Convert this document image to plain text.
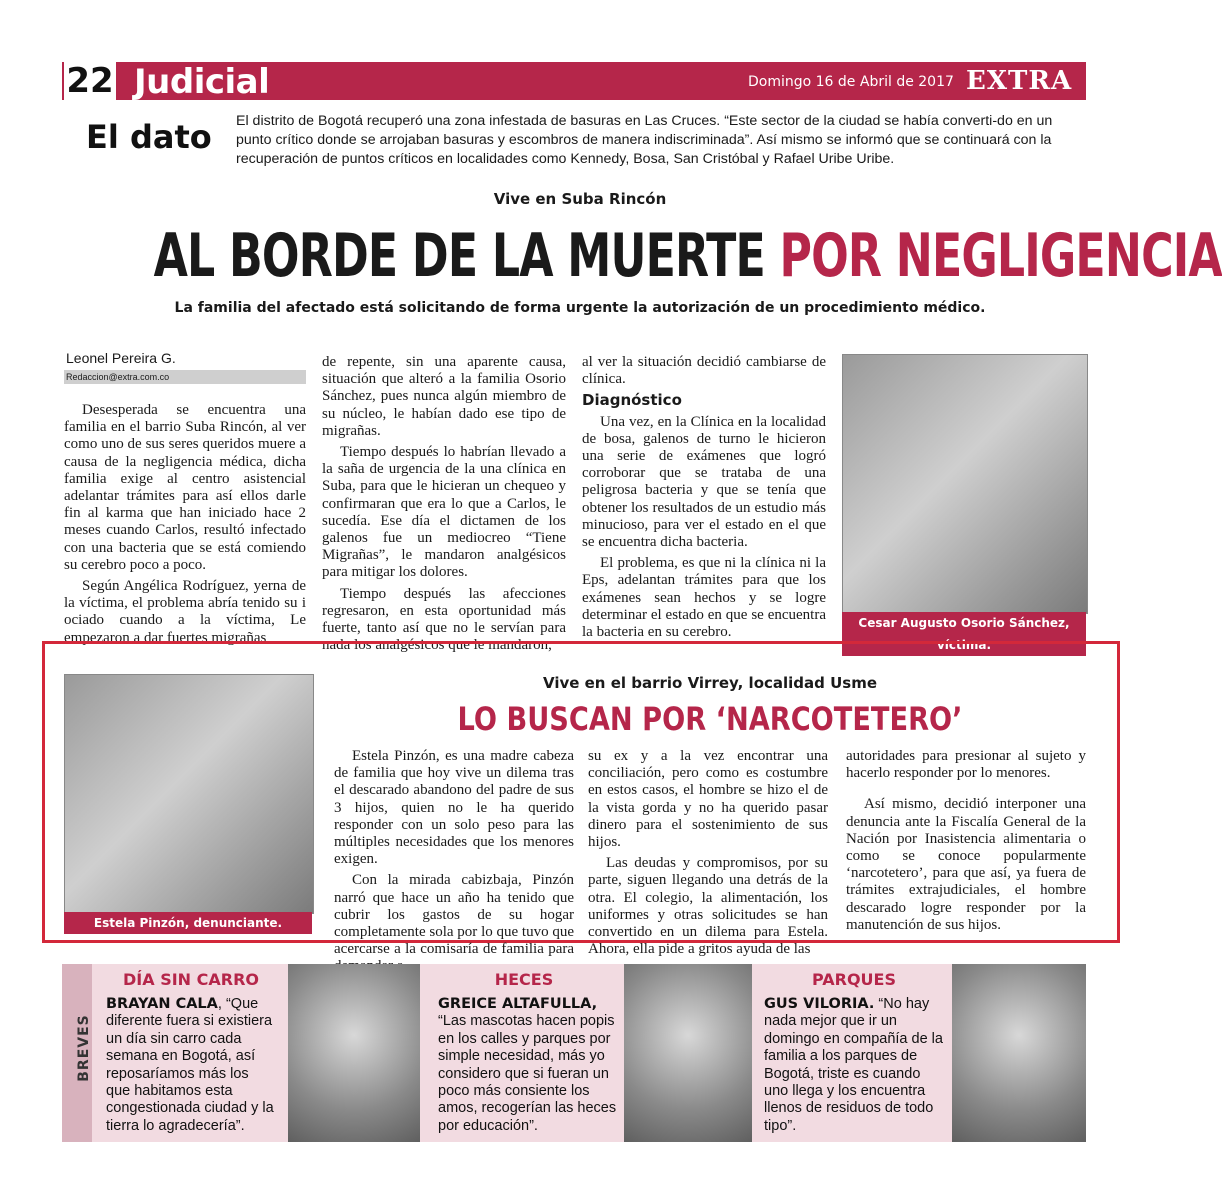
22 Judicial	Domingo 16 de Abril de 2017 EXTRA
El dato El distrito de Bogotá recuperó una zona infestada de basuras en Las Cruces. “Este sector de la ciudad se había converti-do en un punto crítico donde se arrojaban basuras y escombros de manera indiscriminada”. Así mismo se informó que se continuará con la recuperación de puntos críticos en localidades como Kennedy, Bosa, San Cristóbal y Rafael Uribe Uribe.
Vive en Suba Rincón
AL BORDE DE LA MUERTE POR NEGLIGENCIA
La familia del afectado está solicitando de forma urgente la autorización de un procedimiento médico.
Leonel Pereira G.
Redaccion@extra.com.co

Desesperada se encuentra una familia en el barrio Suba Rincón, al ver como uno de sus seres queridos muere a causa de la negligencia médica, dicha familia exige al centro asistencial adelantar trámites para así ellos darle fin al karma que han iniciado hace 2 meses cuando Carlos, resultó infectado con una bacteria que se está comiendo su cerebro poco a poco.

Según Angélica Rodríguez, yerna de la víctima, el problema abría tenido su i ociado cuando a la víctima, Le empezaron a dar fuertes migrañas

de repente, sin una aparente causa, situación que alteró a la familia Osorio Sánchez, pues nunca algún miembro de su núcleo, le habían dado ese tipo de migrañas.

Tiempo después lo habrían llevado a la saña de urgencia de la una clínica en Suba, para que le hicieran un chequeo y confirmaran que era lo que a Carlos, le sucedía. Ese día el dictamen de los galenos fue un mediocreo “Tiene Migrañas”, le mandaron analgésicos para mitigar los dolores.

Tiempo después las afecciones regresaron, en esta oportunidad más fuerte, tanto así que no le servían para nada los analgésicos que le mandaron,

al ver la situación decidió cambiarse de clínica.

Diagnóstico

Una vez, en la Clínica en la localidad de bosa, galenos de turno le hicieron una serie de exámenes que logró corroborar que se trataba de una peligrosa bacteria y que se tenía que obtener los resultados de un estudio más minucioso, para ver el estado en el que se encuentra dicha bacteria.

El problema, es que ni la clínica ni la Eps, adelantan trámites para que los exámenes sean hechos y se logre determinar el estado en que se encuentra la bacteria en su cerebro.

Cesar Augusto Osorio Sánchez, víctima.
Estela Pinzón, denunciante.
Vive en el barrio Virrey, localidad Usme
LO BUSCAN POR ‘NARCOTETERO’

Estela Pinzón, es una madre cabeza de familia que hoy vive un dilema tras el descarado abandono del padre de sus 3 hijos, quien no le ha querido responder con un solo peso para las múltiples necesidades que los menores exigen.

Con la mirada cabizbaja, Pinzón narró que hace un año ha tenido que cubrir los gastos de su hogar completamente sola por lo que tuvo que acercarse a la comisaría de familia para

su ex y a la vez encontrar una conciliación, pero como es costumbre en estos casos, el hombre se hizo el de la vista gorda y no ha querido pasar dinero para el sostenimiento de sus hijos.

Las deudas y compromisos, por su parte, siguen llegando una detrás de la otra. El colegio, la alimentación, los uniformes y otras solicitudes se han convertido en un dilema para Estela. Ahora, ella pide a gritos ayuda de las

autoridades para presionar al sujeto y hacerlo responder por lo menores.

Así mismo, decidió interponer una denuncia ante la Fiscalía General de la Nación por Inasistencia alimentaria o como se conoce popularmente ‘narcotetero’, para que así, ya fuera de trámites extrajudiciales, el hombre descarado logre responder por la manutención de sus hijos.

BREVES
DÍA SIN CARRO
BRAYAN CALA, “Que diferente fuera si existiera un día sin carro cada semana en Bogotá, así reposaríamos más los que habitamos esta congestionada ciudad y la tierra lo agradecería”.
HECES
GREICE ALTAFULLA, “Las mascotas hacen popis en los calles y parques por simple necesidad, más yo considero que si fueran un poco más consiente los amos, recogerían las heces por educación”.
PARQUES
GUS VILORIA. “No hay nada mejor que ir un domingo en compañía de la familia a los parques de Bogotá, triste es cuando uno llega y los encuentra llenos de residuos de todo tipo”.
